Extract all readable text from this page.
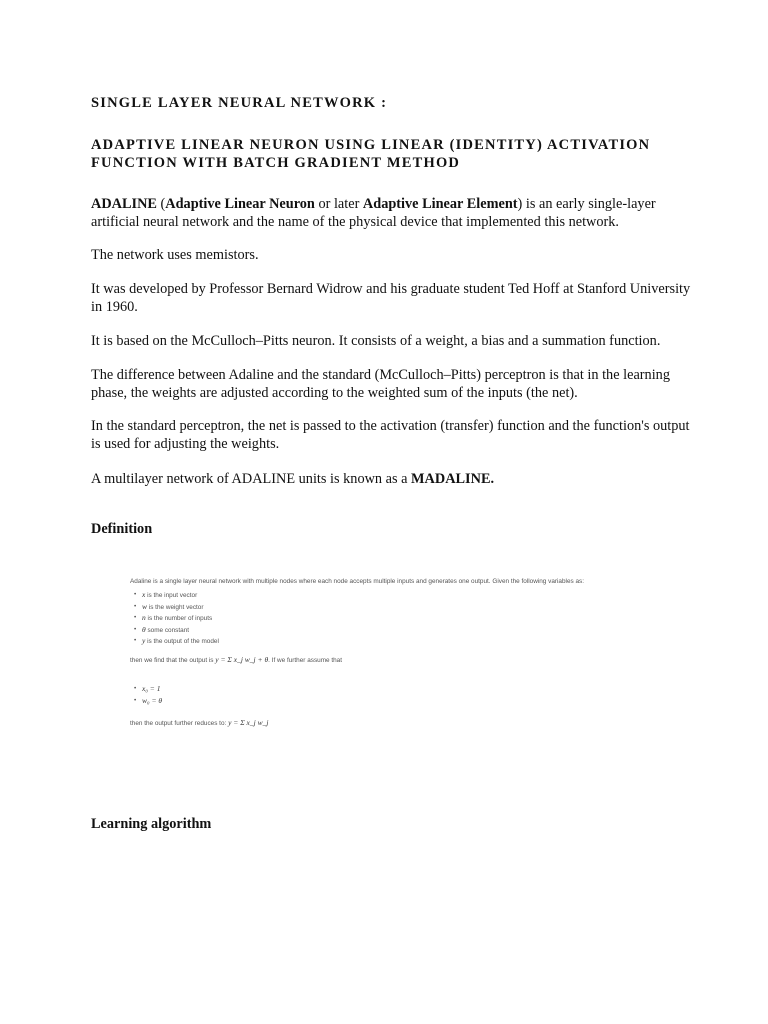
SINGLE LAYER NEURAL NETWORK :
ADAPTIVE LINEAR NEURON USING LINEAR (IDENTITY) ACTIVATION
FUNCTION WITH BATCH GRADIENT METHOD

ADALINE (Adaptive Linear Neuron or later Adaptive Linear Element) is an early single-layer artificial neural network and the name of the physical device that implemented this network.

The network uses memistors.

It was developed by Professor Bernard Widrow and his graduate student Ted Hoff at Stanford University in 1960.

It is based on the McCulloch–Pitts neuron. It consists of a weight, a bias and a summation function.

The difference between Adaline and the standard (McCulloch–Pitts) perceptron is that in the learning phase, the weights are adjusted according to the weighted sum of the inputs (the net).

In the standard perceptron, the net is passed to the activation (transfer) function and the function's output is used for adjusting the weights.

A multilayer network of ADALINE units is known as a MADALINE.

Definition
Adaline is a single layer neural network with multiple nodes where each node accepts multiple inputs and generates one output. Given the following variables as:
• x is the input vector
• w is the weight vector
• n is the number of inputs
• θ some constant
• y is the output of the model
then we find that the output is y = Σ x_j w_j + θ. If we further assume that
• x₀ = 1
• w₀ = θ
then the output further reduces to: y = Σ x_j w_j
Learning algorithm
